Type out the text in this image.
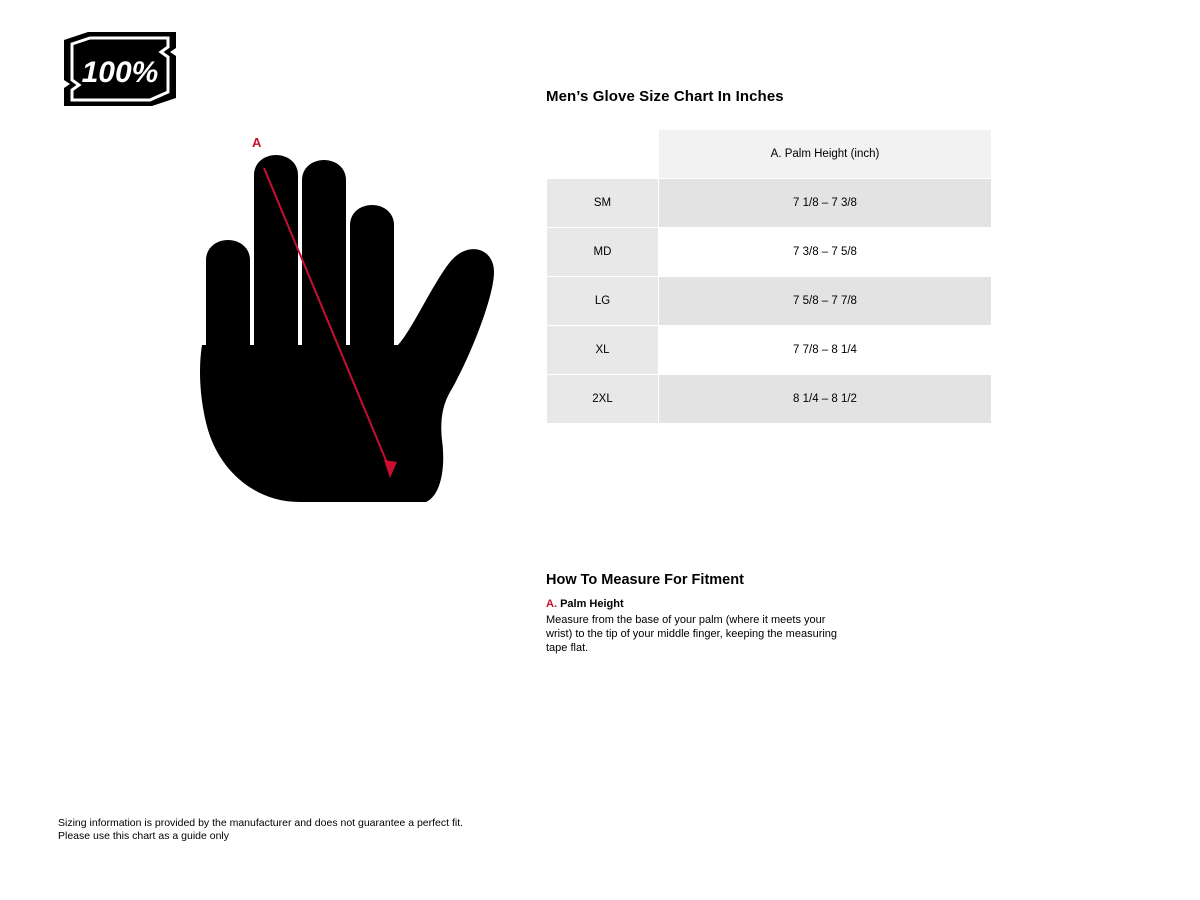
100%
A
Men’s Glove Size Chart In Inches
	A. Palm Height (inch)
SM	7 1/8 – 7 3/8
MD	7 3/8 – 7 5/8
LG	7 5/8 – 7 7/8
XL	7 7/8 – 8 1/4
2XL	8 1/4 – 8 1/2
How To Measure For Fitment
A. Palm Height
Measure from the base of your palm (where it meets your wrist) to the tip of your middle finger, keeping the measuring tape flat.
Sizing information is provided by the manufacturer and does not guarantee a perfect fit.
Please use this chart as a guide only
